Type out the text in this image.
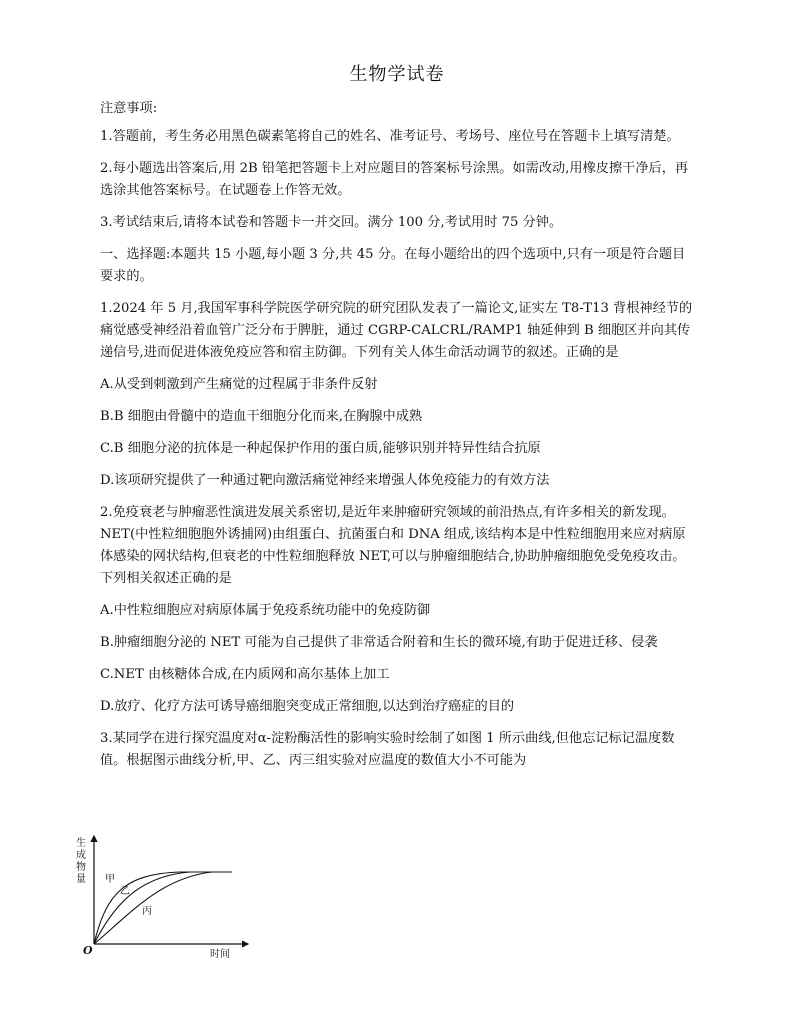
生物学试卷

注意事项:

1.答题前，考生务必用黑色碳素笔将自己的姓名、准考证号、考场号、座位号在答题卡上填写清楚。

2.每小题选出答案后,用 2B 铅笔把答题卡上对应题目的答案标号涂黑。如需改动,用橡皮擦干净后，再选涂其他答案标号。在试题卷上作答无效。

3.考试结束后,请将本试卷和答题卡一并交回。满分 100 分,考试用时 75 分钟。

一、选择题:本题共 15 小题,每小题 3 分,共 45 分。在每小题给出的四个选项中,只有一项是符合题目要求的。

1.2024 年 5 月,我国军事科学院医学研究院的研究团队发表了一篇论文,证实左 T8-T13 背根神经节的痛觉感受神经沿着血管广泛分布于脾脏，通过 CGRP-CALCRL/RAMP1 轴延伸到 B 细胞区并向其传递信号,进而促进体液免疫应答和宿主防御。下列有关人体生命活动调节的叙述。正确的是

A.从受到刺激到产生痛觉的过程属于非条件反射

B.B 细胞由骨髓中的造血干细胞分化而来,在胸腺中成熟

C.B 细胞分泌的抗体是一种起保护作用的蛋白质,能够识别并特异性结合抗原

D.该项研究提供了一种通过靶向激活痛觉神经来增强人体免疫能力的有效方法

2.免疫衰老与肿瘤恶性演进发展关系密切,是近年来肿瘤研究领域的前沿热点,有许多相关的新发现。NET(中性粒细胞胞外诱捕网)由组蛋白、抗菌蛋白和 DNA 组成,该结构本是中性粒细胞用来应对病原体感染的网状结构,但衰老的中性粒细胞释放 NET,可以与肿瘤细胞结合,协助肿瘤细胞免受免疫攻击。下列相关叙述正确的是

A.中性粒细胞应对病原体属于免疫系统功能中的免疫防御

B.肿瘤细胞分泌的 NET 可能为自己提供了非常适合附着和生长的微环境,有助于促进迁移、侵袭

C.NET 由核糖体合成,在内质网和高尔基体上加工

D.放疗、化疗方法可诱导癌细胞突变成正常细胞,以达到治疗癌症的目的

3.某同学在进行探究温度对α-淀粉酶活性的影响实验时绘制了如图 1 所示曲线,但他忘记标记温度数值。根据图示曲线分析,甲、乙、丙三组实验对应温度的数值大小不可能为

生
成
物
量
O	时间
甲
乙
丙
